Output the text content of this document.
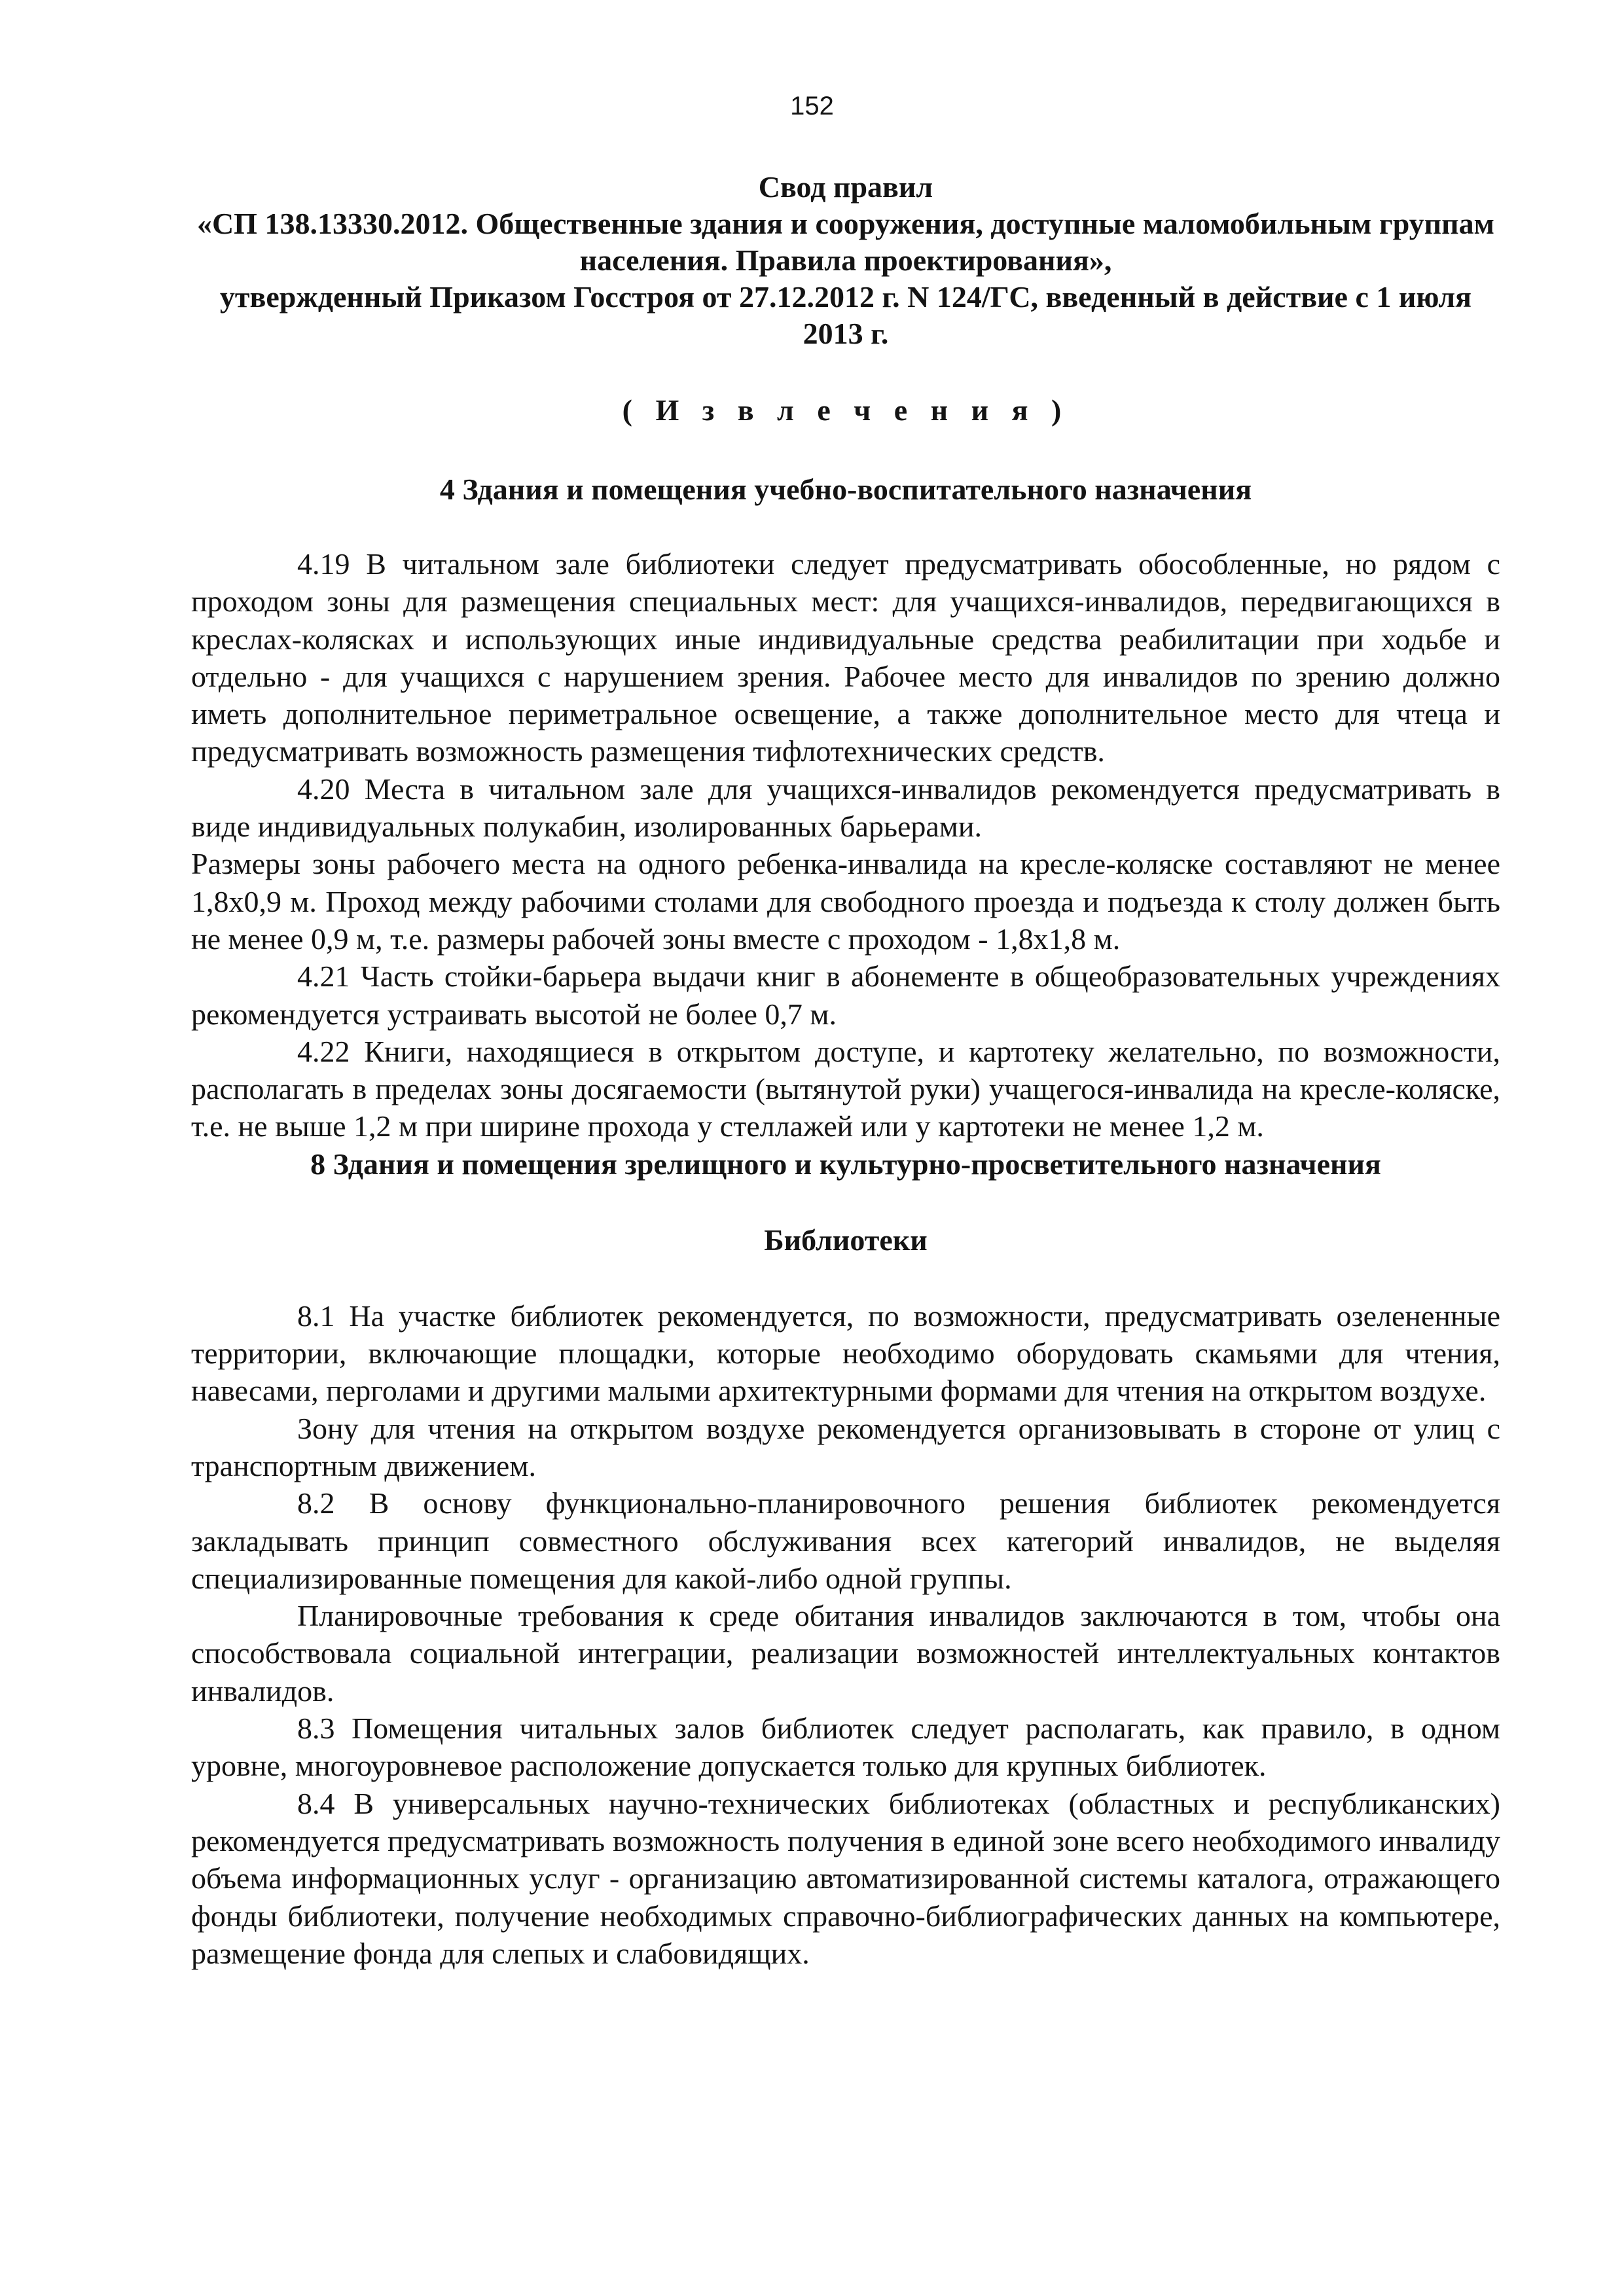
152

Свод правил

«СП 138.13330.2012. Общественные здания и сооружения, доступные маломобильным группам населения. Правила проектирования»,

утвержденный Приказом Госстроя от 27.12.2012 г. N 124/ГС, введенный в действие с 1 июля 2013 г.

( И з в л е ч е н и я )

4 Здания и помещения учебно-воспитательного назначения

4.19 В читальном зале библиотеки следует предусматривать обособленные, но рядом с проходом зоны для размещения специальных мест: для учащихся-инвалидов, передвигающихся в креслах-колясках и использующих иные индивидуальные средства реабилитации при ходьбе и отдельно - для учащихся с нарушением зрения. Рабочее место для инвалидов по зрению должно иметь дополнительное периметральное освещение, а также дополнительное место для чтеца и предусматривать возможность размещения тифлотехнических средств.

4.20 Места в читальном зале для учащихся-инвалидов рекомендуется предусматривать в виде индивидуальных полукабин, изолированных барьерами.

Размеры зоны рабочего места на одного ребенка-инвалида на кресле-коляске составляют не менее 1,8x0,9 м. Проход между рабочими столами для свободного проезда и подъезда к столу должен быть не менее 0,9 м, т.е. размеры рабочей зоны вместе с проходом - 1,8x1,8 м.

4.21 Часть стойки-барьера выдачи книг в абонементе в общеобразовательных учреждениях рекомендуется устраивать высотой не более 0,7 м.

4.22 Книги, находящиеся в открытом доступе, и картотеку желательно, по возможности, располагать в пределах зоны досягаемости (вытянутой руки) учащегося-инвалида на кресле-коляске, т.е. не выше 1,2 м при ширине прохода у стеллажей или у картотеки не менее 1,2 м.

8 Здания и помещения зрелищного и культурно-просветительного назначения

Библиотеки

8.1 На участке библиотек рекомендуется, по возможности, предусматривать озелененные территории, включающие площадки, которые необходимо оборудовать скамьями для чтения, навесами, перголами и другими малыми архитектурными формами для чтения на открытом воздухе.

Зону для чтения на открытом воздухе рекомендуется организовывать в стороне от улиц с транспортным движением.

8.2 В основу функционально-планировочного решения библиотек рекомендуется закладывать принцип совместного обслуживания всех категорий инвалидов, не выделяя специализированные помещения для какой-либо одной группы.

Планировочные требования к среде обитания инвалидов заключаются в том, чтобы она способствовала социальной интеграции, реализации возможностей интеллектуальных контактов инвалидов.

8.3 Помещения читальных залов библиотек следует располагать, как правило, в одном уровне, многоуровневое расположение допускается только для крупных библиотек.

8.4 В универсальных научно-технических библиотеках (областных и республиканских) рекомендуется предусматривать возможность получения в единой зоне всего необходимого инвалиду объема информационных услуг - организацию автоматизированной системы каталога, отражающего фонды библиотеки, получение необходимых справочно-библиографических данных на компьютере, размещение фонда для слепых и слабовидящих.
